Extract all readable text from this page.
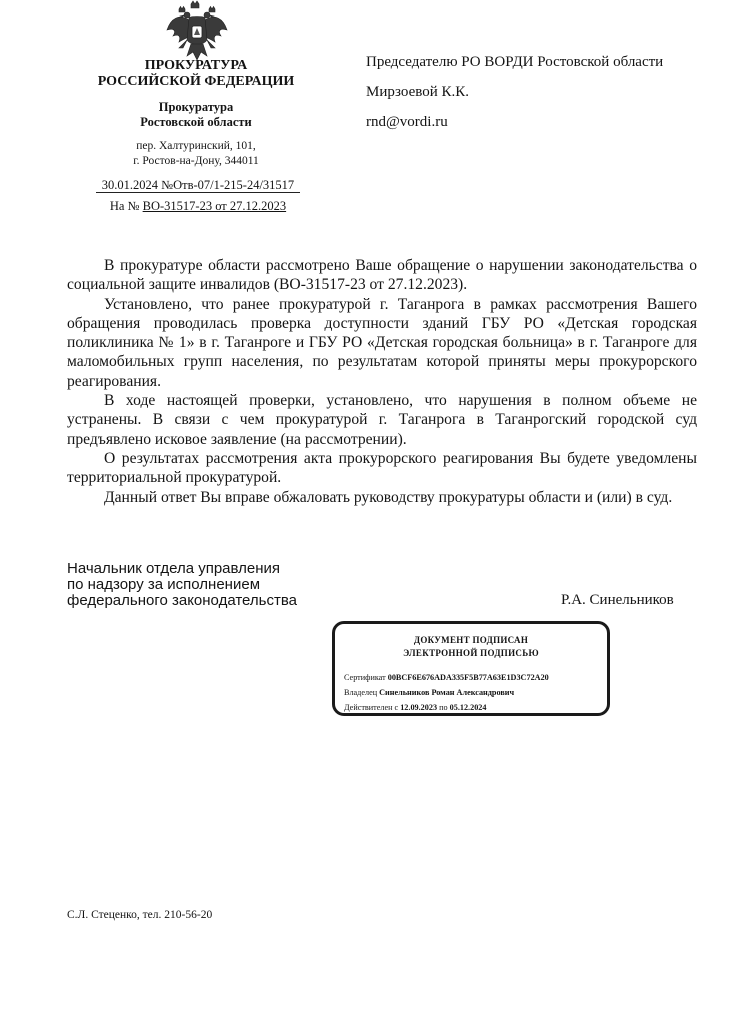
ПРОКУРАТУРА
РОССИЙСКОЙ ФЕДЕРАЦИИ
Прокуратура
Ростовской области
пер. Халтуринский, 101,
г. Ростов-на-Дону, 344011
30.01.2024 №Отв-07/1-215-24/31517
На № ВО-31517-23 от 27.12.2023
Председателю РО ВОРДИ Ростовской области
Мирзоевой К.К.
rnd@vordi.ru

В прокуратуре области рассмотрено Ваше обращение о нарушении законодательства о социальной защите инвалидов (ВО-31517-23 от 27.12.2023).

Установлено, что ранее прокуратурой г. Таганрога в рамках рассмотрения Вашего обращения проводилась проверка доступности зданий ГБУ РО «Детская городская поликлиника № 1» в г. Таганроге и ГБУ РО «Детская городская больница» в г. Таганроге для маломобильных групп населения, по результатам которой приняты меры прокурорского реагирования.

В ходе настоящей проверки, установлено, что нарушения в полном объеме не устранены. В связи с чем прокуратурой г. Таганрога в Таганрогский городской суд предъявлено исковое заявление (на рассмотрении).

О результатах рассмотрения акта прокурорского реагирования Вы будете уведомлены территориальной прокуратурой.

Данный ответ Вы вправе обжаловать руководству прокуратуры области и (или) в суд.

Начальник отдела управления
по надзору за исполнением
федерального законодательства	Р.А. Синельников
ДОКУМЕНТ ПОДПИСАН
ЭЛЕКТРОННОЙ ПОДПИСЬЮ
Сертификат 00BCF6E676ADA335F5B77A63E1D3C72A20
Владелец Синельников Роман Александрович
Действителен с 12.09.2023 по 05.12.2024
С.Л. Стеценко, тел. 210-56-20
